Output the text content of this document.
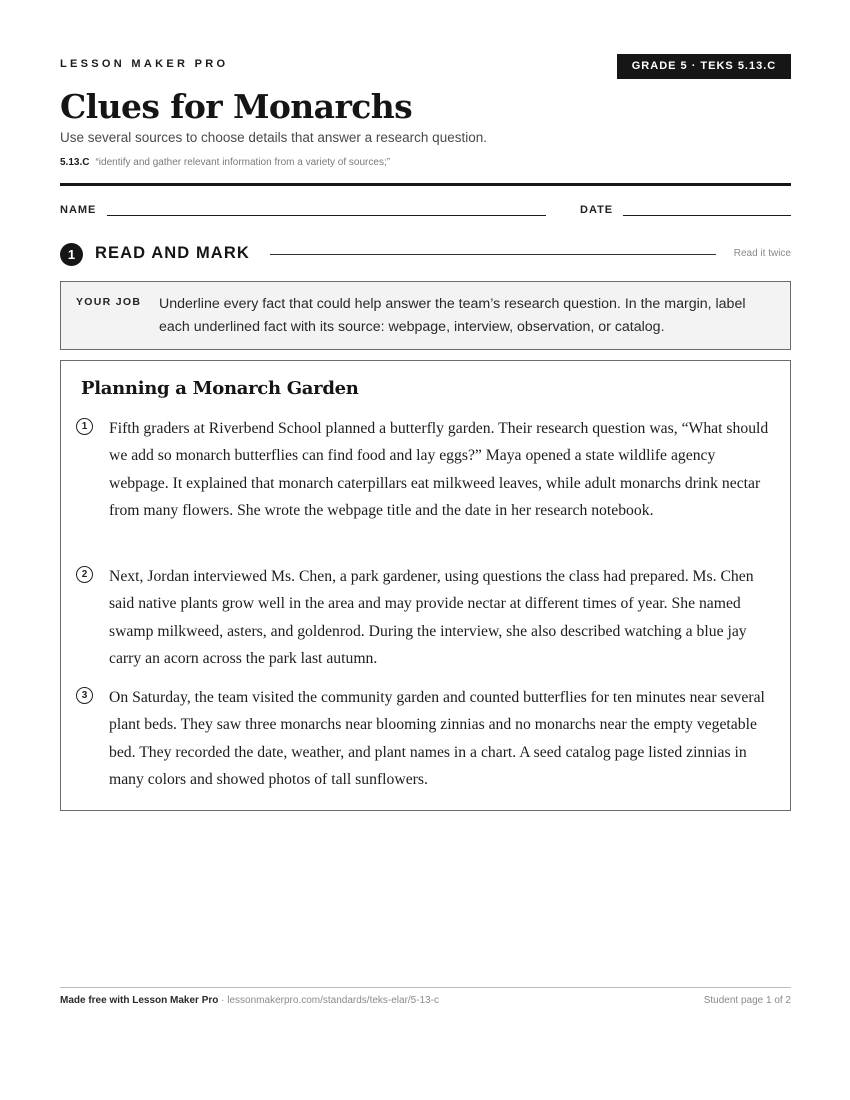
LESSON MAKER PRO	GRADE 5 · TEKS 5.13.C
Clues for Monarchs
Use several sources to choose details that answer a research question.
5.13.C “identify and gather relevant information from a variety of sources;”
NAME	DATE
1	READ AND MARK	Read it twice
YOUR JOB Underline every fact that could help answer the team’s research question. In the margin, label each underlined fact with its source: webpage, interview, observation, or catalog.
Planning a Monarch Garden
1	Fifth graders at Riverbend School planned a butterfly garden. Their research question was, “What should we add so monarch butterflies can find food and lay eggs?” Maya opened a state wildlife agency webpage. It explained that monarch caterpillars eat milkweed leaves, while adult monarchs drink nectar from many flowers. She wrote the webpage title and the date in her research notebook.

2	Next, Jordan interviewed Ms. Chen, a park gardener, using questions the class had prepared. Ms. Chen said native plants grow well in the area and may provide nectar at different times of year. She named swamp milkweed, asters, and goldenrod. During the interview, she also described watching a blue jay carry an acorn across the park last autumn.

3	On Saturday, the team visited the community garden and counted butterflies for ten minutes near several plant beds. They saw three monarchs near blooming zinnias and no monarchs near the empty vegetable bed. They recorded the date, weather, and plant names in a chart. A seed catalog page listed zinnias in many colors and showed photos of tall sunflowers.

Made free with Lesson Maker Pro · lessonmakerpro.com/standards/teks-elar/5-13-c	Student page 1 of 2
